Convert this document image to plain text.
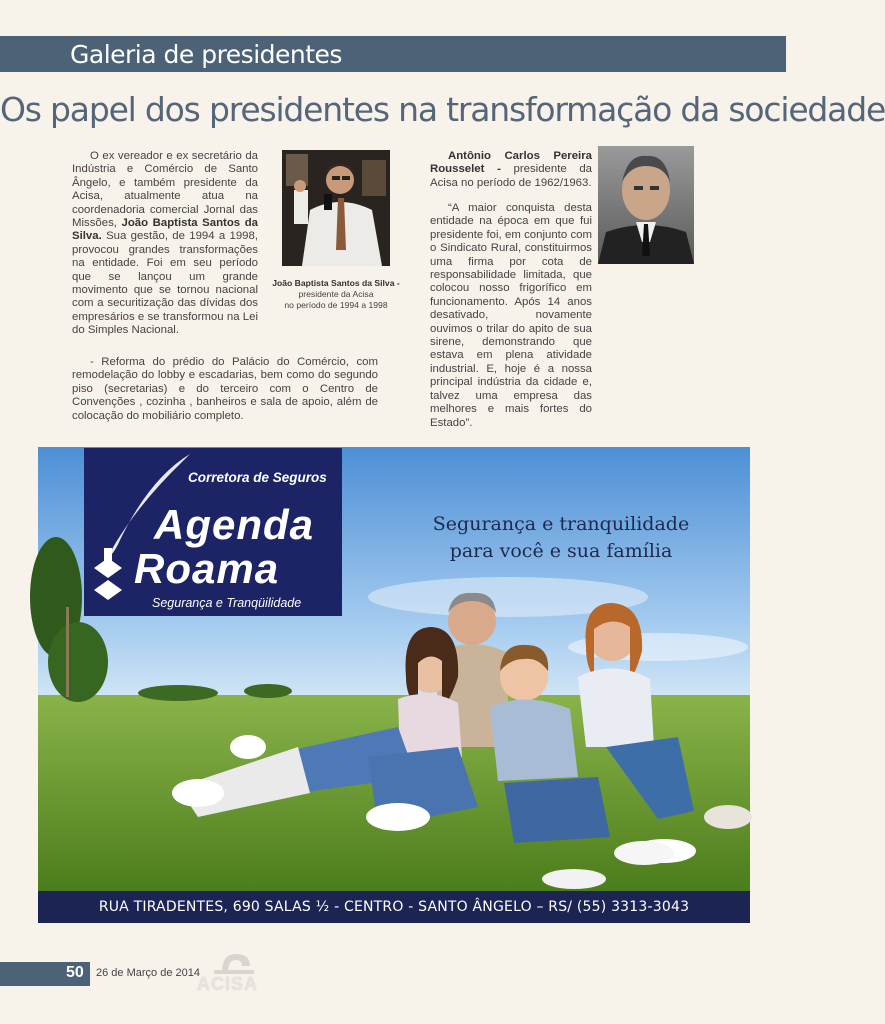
Galeria de presidentes
Os papel dos presidentes na transformação da sociedade

O ex vereador e ex secretário da Indústria e Comércio de Santo Ângelo, e também presidente da Acisa, atualmente atua na coordenadoria comercial Jornal das Missões, João Baptista Santos da Silva. Sua gestão, de 1994 a 1998, provocou grandes transformações na entidade. Foi em seu período que se lançou um grande movimento que se tornou nacional com a securitização das dívidas dos empresários e se transformou na Lei do Simples Nacional.

- Reforma do prédio do Palácio do Comércio, com remodelação do lobby e escadarias, bem como do segundo piso (secretarias) e do terceiro com o Centro de Convenções , cozinha , banheiros e sala de apoio, além de colocação do mobiliário completo.

João Baptista Santos da Silva -
presidente da Acisa
no período de 1994 a 1998

Antônio Carlos Pereira Rousselet - presidente da Acisa no período de 1962/1963.

“A maior conquista desta entidade na época em que fui presidente foi, em conjunto com o Sindicato Rural, constituirmos uma firma por cota de responsabilidade limitada, que colocou nosso frigorífico em funcionamento. Após 14 anos desativado, novamente ouvimos o trilar do apito de sua sirene, demonstrando que estava em plena atividade industrial. E, hoje é a nossa principal indústria da cidade e, talvez uma empresa das melhores e mais fortes do Estado”.

Corretora de Seguros
Agenda
Roama
Segurança e Tranqüilidade
Segurança e tranquilidade
para você e sua família
RUA TIRADENTES, 690 SALAS ½ - CENTRO - SANTO ÂNGELO – RS/ (55) 3313-3043
50 26 de Março de 2014
ACISA
